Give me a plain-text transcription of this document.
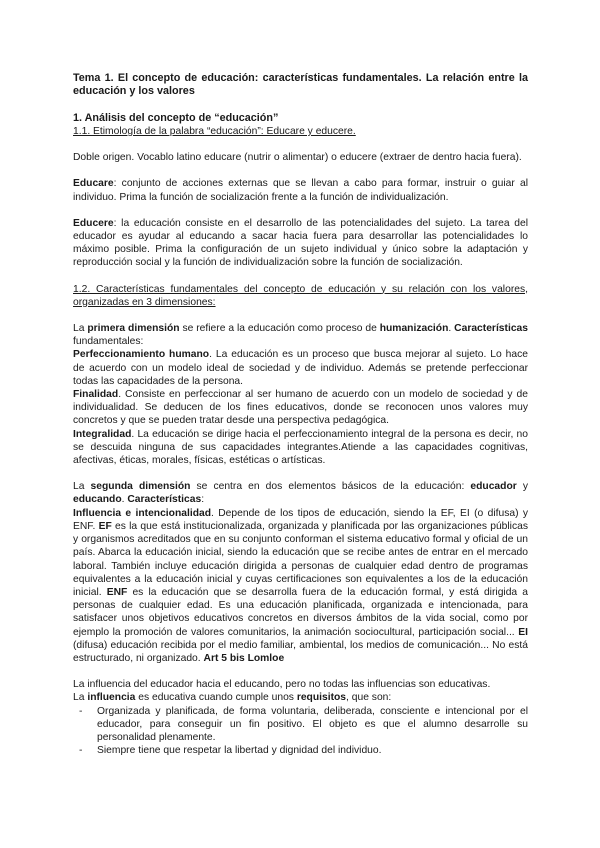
Tema 1. El concepto de educación: características fundamentales. La relación entre la educación y los valores

1. Análisis del concepto de “educación”

1.1. Etimología de la palabra “educación”: Educare y educere.

Doble origen. Vocablo latino educare (nutrir o alimentar) o educere (extraer de dentro hacia fuera).

Educare: conjunto de acciones externas que se llevan a cabo para formar, instruir o guiar al individuo. Prima la función de socialización frente a la función de individualización.

Educere: la educación consiste en el desarrollo de las potencialidades del sujeto. La tarea del educador es ayudar al educando a sacar hacia fuera para desarrollar las potencialidades lo máximo posible. Prima la configuración de un sujeto individual y único sobre la adaptación y reproducción social y la función de individualización sobre la función de socialización.

1.2. Características fundamentales del concepto de educación y su relación con los valores, organizadas en 3 dimensiones:

La primera dimensión se refiere a la educación como proceso de humanización. Características fundamentales:

Perfeccionamiento humano. La educación es un proceso que busca mejorar al sujeto. Lo hace de acuerdo con un modelo ideal de sociedad y de individuo. Además se pretende perfeccionar todas las capacidades de la persona.

Finalidad. Consiste en perfeccionar al ser humano de acuerdo con un modelo de sociedad y de individualidad. Se deducen de los fines educativos, donde se reconocen unos valores muy concretos y que se pueden tratar desde una perspectiva pedagógica.

Integralidad. La educación se dirige hacia el perfeccionamiento integral de la persona es decir, no se descuida ninguna de sus capacidades integrantes.Atiende a las capacidades cognitivas, afectivas, éticas, morales, físicas, estéticas o artísticas.

La segunda dimensión se centra en dos elementos básicos de la educación: educador y educando. Características:

Influencia e intencionalidad. Depende de los tipos de educación, siendo la EF, EI (o difusa) y ENF. EF es la que está institucionalizada, organizada y planificada por las organizaciones públicas y organismos acreditados que en su conjunto conforman el sistema educativo formal y oficial de un país. Abarca la educación inicial, siendo la educación que se recibe antes de entrar en el mercado laboral. También incluye educación dirigida a personas de cualquier edad dentro de programas equivalentes a la educación inicial y cuyas certificaciones son equivalentes a los de la educación inicial. ENF es la educación que se desarrolla fuera de la educación formal, y está dirigida a personas de cualquier edad. Es una educación planificada, organizada e intencionada, para satisfacer unos objetivos educativos concretos en diversos ámbitos de la vida social, como por ejemplo la promoción de valores comunitarios, la animación sociocultural, participación social... EI (difusa) educación recibida por el medio familiar, ambiental, los medios de comunicación... No está estructurado, ni organizado. Art 5 bis Lomloe

La influencia del educador hacia el educando, pero no todas las influencias son educativas.

La influencia es educativa cuando cumple unos requisitos, que son:

- Organizada y planificada, de forma voluntaria, deliberada, consciente e intencional por el educador, para conseguir un fin positivo. El objeto es que el alumno desarrolle su personalidad plenamente.
- Siempre tiene que respetar la libertad y dignidad del individuo.
